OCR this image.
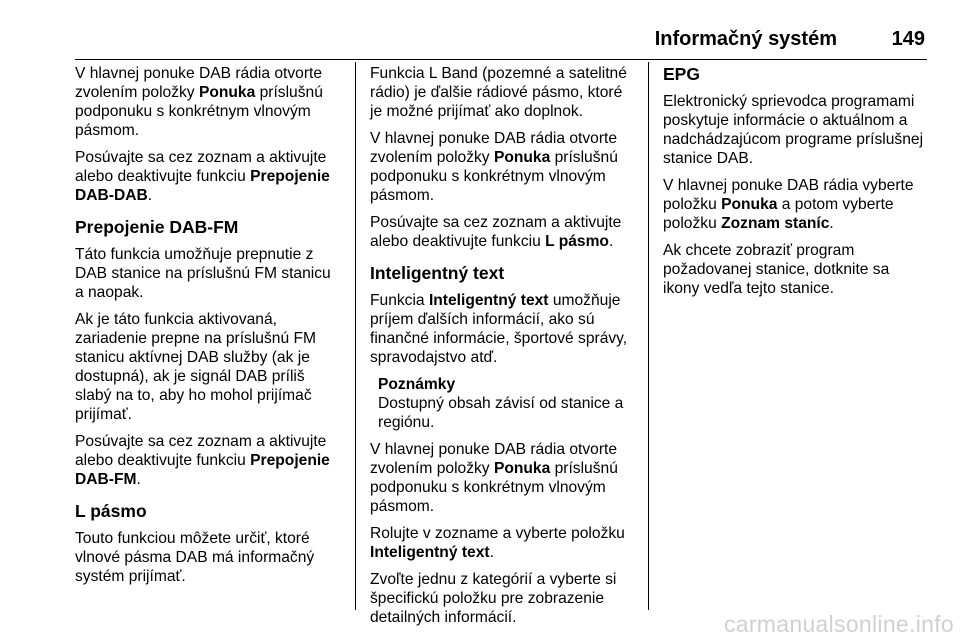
Informačný systém	149

V hlavnej ponuke DAB rádia otvorte zvolením položky Ponuka príslušnú podponuku s konkrétnym vlnovým pásmom.

Posúvajte sa cez zoznam a aktivujte alebo deaktivujte funkciu Prepojenie DAB-DAB.

Prepojenie DAB-FM

Táto funkcia umožňuje prepnutie z DAB stanice na príslušnú FM stanicu a naopak.

Ak je táto funkcia aktivovaná, zariadenie prepne na príslušnú FM stanicu aktívnej DAB služby (ak je dostupná), ak je signál DAB príliš slabý na to, aby ho mohol prijímač prijímať.

Posúvajte sa cez zoznam a aktivujte alebo deaktivujte funkciu Prepojenie DAB-FM.

L pásmo

Touto funkciou môžete určiť, ktoré vlnové pásma DAB má informačný systém prijímať.

Funkcia L Band (pozemné a satelitné rádio) je ďalšie rádiové pásmo, ktoré je možné prijímať ako doplnok.

V hlavnej ponuke DAB rádia otvorte zvolením položky Ponuka príslušnú podponuku s konkrétnym vlnovým pásmom.

Posúvajte sa cez zoznam a aktivujte alebo deaktivujte funkciu L pásmo.

Inteligentný text

Funkcia Inteligentný text umožňuje príjem ďalších informácií, ako sú finančné informácie, športové správy, spravodajstvo atď.

Poznámky
Dostupný obsah závisí od stanice a regiónu.

V hlavnej ponuke DAB rádia otvorte zvolením položky Ponuka príslušnú podponuku s konkrétnym vlnovým pásmom.

Rolujte v zozname a vyberte položku Inteligentný text.

Zvoľte jednu z kategórií a vyberte si špecifickú položku pre zobrazenie detailných informácií.

EPG

Elektronický sprievodca programami poskytuje informácie o aktuálnom a nadchádzajúcom programe príslušnej stanice DAB.

V hlavnej ponuke DAB rádia vyberte položku Ponuka a potom vyberte položku Zoznam staníc.

Ak chcete zobraziť program požadovanej stanice, dotknite sa ikony vedľa tejto stanice.

carmanualsonline.info
